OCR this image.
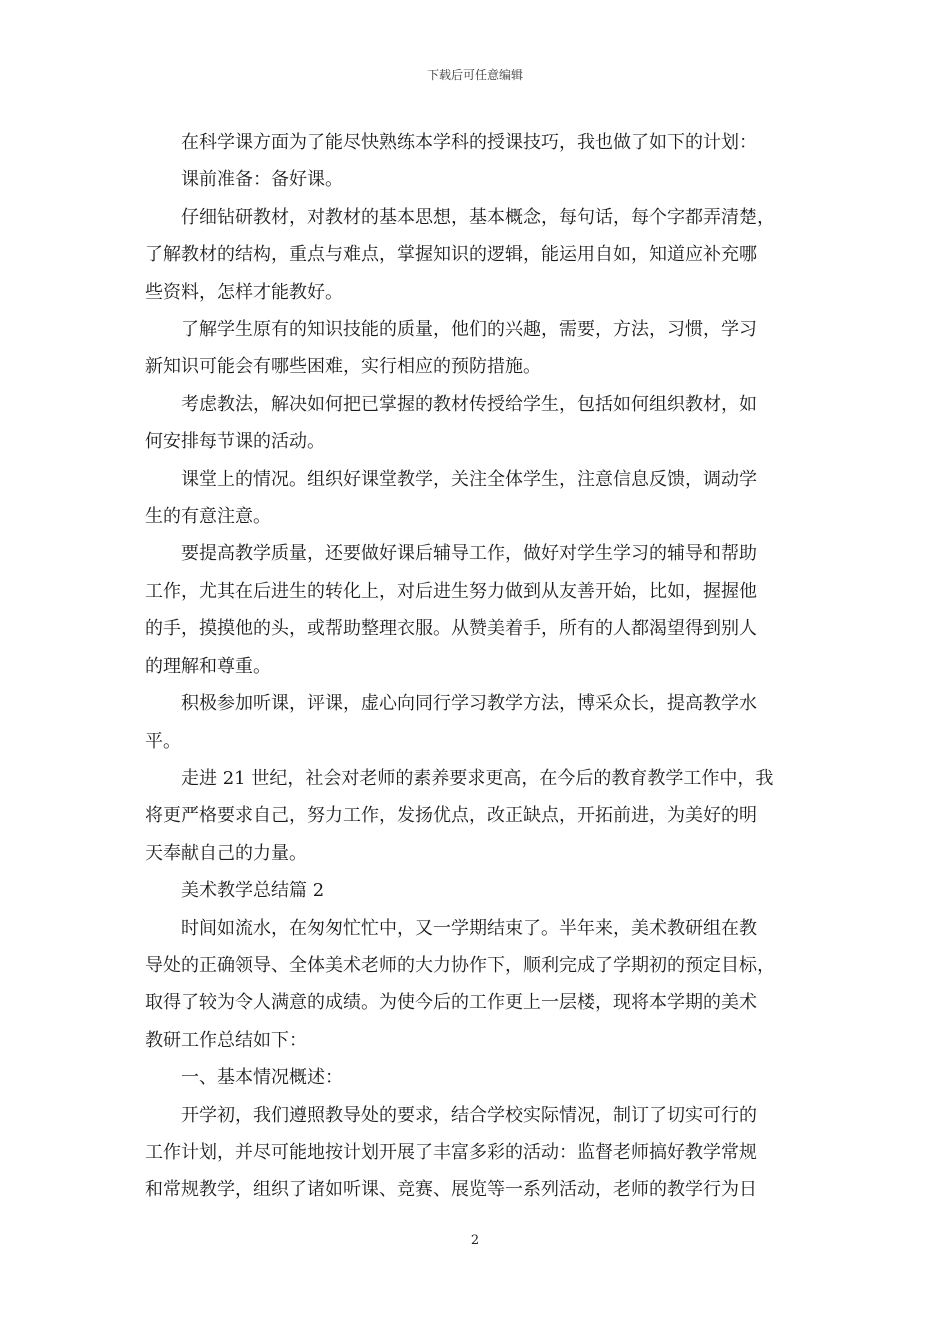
下载后可任意编辑

在科学课方面为了能尽快熟练本学科的授课技巧，我也做了如下的计划：

课前准备：备好课。

仔细钻研教材，对教材的基本思想，基本概念，每句话，每个字都弄清楚，
了解教材的结构，重点与难点，掌握知识的逻辑，能运用自如，知道应补充哪
些资料，怎样才能教好。

了解学生原有的知识技能的质量，他们的兴趣，需要，方法，习惯，学习
新知识可能会有哪些困难，实行相应的预防措施。

考虑教法，解决如何把已掌握的教材传授给学生，包括如何组织教材，如
何安排每节课的活动。

课堂上的情况。组织好课堂教学，关注全体学生，注意信息反馈，调动学
生的有意注意。

要提高教学质量，还要做好课后辅导工作，做好对学生学习的辅导和帮助
工作，尤其在后进生的转化上，对后进生努力做到从友善开始，比如，握握他
的手，摸摸他的头，或帮助整理衣服。从赞美着手，所有的人都渴望得到别人
的理解和尊重。

积极参加听课，评课，虚心向同行学习教学方法，博采众长，提高教学水
平。

走进 21 世纪，社会对老师的素养要求更高，在今后的教育教学工作中，我
将更严格要求自己，努力工作，发扬优点，改正缺点，开拓前进，为美好的明
天奉献自己的力量。

美术教学总结篇 2

时间如流水，在匆匆忙忙中，又一学期结束了。半年来，美术教研组在教
导处的正确领导、全体美术老师的大力协作下，顺利完成了学期初的预定目标，
取得了较为令人满意的成绩。为使今后的工作更上一层楼，现将本学期的美术
教研工作总结如下：

一、基本情况概述：

开学初，我们遵照教导处的要求，结合学校实际情况，制订了切实可行的
工作计划，并尽可能地按计划开展了丰富多彩的活动：监督老师搞好教学常规
和常规教学，组织了诸如听课、竞赛、展览等一系列活动，老师的教学行为日

2
